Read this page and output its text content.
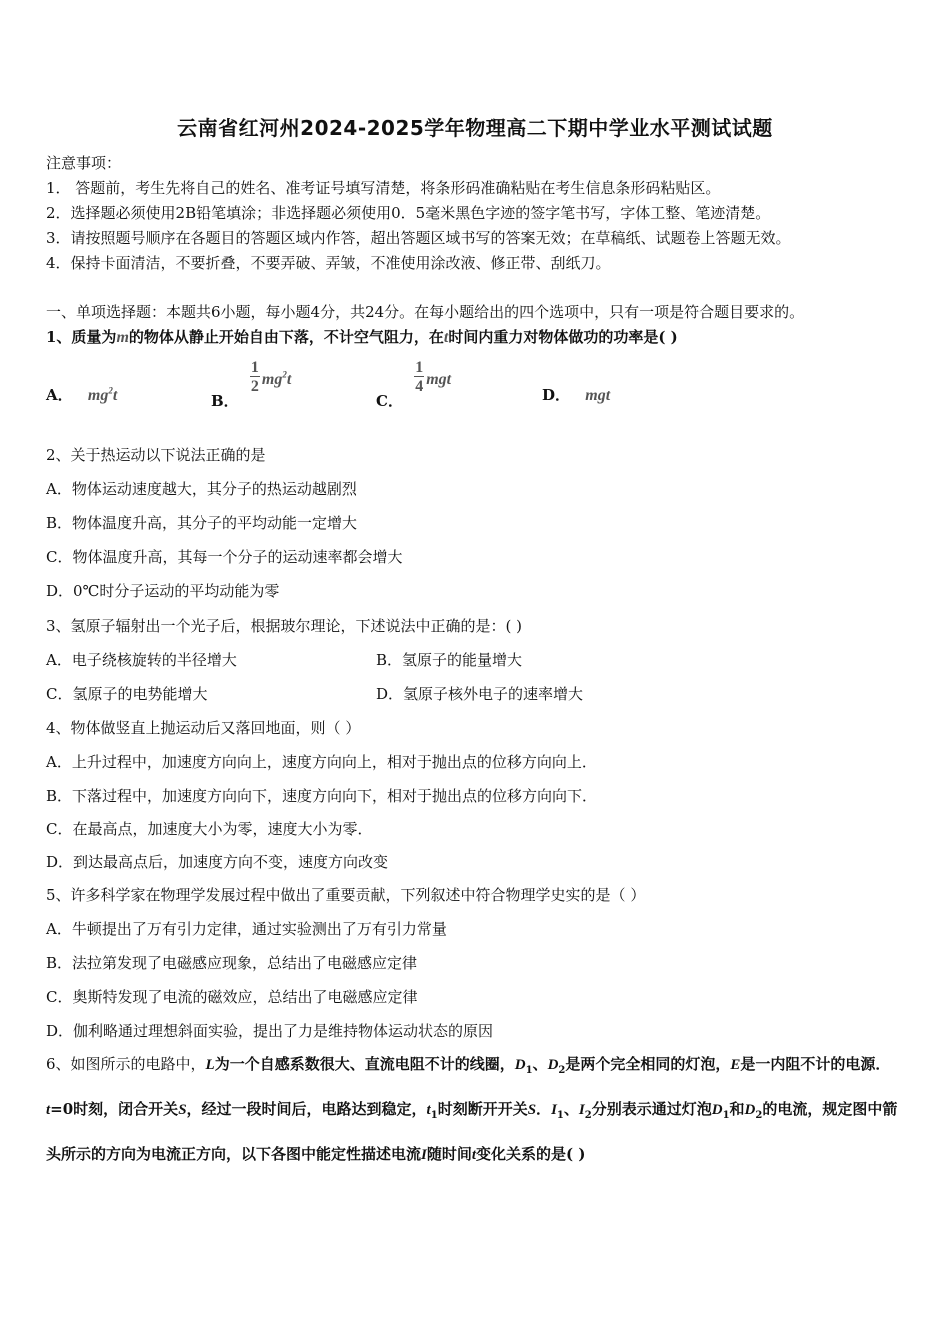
云南省红河州2024-2025学年物理高二下期中学业水平测试试题
注意事项：
1． 答题前，考生先将自己的姓名、准考证号填写清楚，将条形码准确粘贴在考生信息条形码粘贴区。
2．选择题必须使用2B铅笔填涂；非选择题必须使用0．5毫米黑色字迹的签字笔书写，字体工整、笔迹清楚。
3．请按照题号顺序在各题目的答题区域内作答，超出答题区域书写的答案无效；在草稿纸、试题卷上答题无效。
4．保持卡面清洁，不要折叠，不要弄破、弄皱，不准使用涂改液、修正带、刮纸刀。
一、单项选择题：本题共6小题，每小题4分，共24分。在每小题给出的四个选项中，只有一项是符合题目要求的。
1、质量为m的物体从静止开始自由下落，不计空气阻力，在t时间内重力对物体做功的功率是( )
A． $mg^2t$	B．
$\frac{1}{2} mg^2t$
C．
$\frac{1}{4}$ mgt
D． mgt
2、关于热运动以下说法正确的是
A．物体运动速度越大，其分子的热运动越剧烈
B．物体温度升高，其分子的平均动能一定增大
C．物体温度升高，其每一个分子的运动速率都会增大
D．0℃时分子运动的平均动能为零
3、氢原子辐射出一个光子后，根据玻尔理论，下述说法中正确的是：( )
A．电子绕核旋转的半径增大	B．氢原子的能量增大
C．氢原子的电势能增大	D．氢原子核外电子的速率增大
4、物体做竖直上抛运动后又落回地面，则（ ）
A．上升过程中，加速度方向向上，速度方向向上，相对于抛出点的位移方向向上．
B．下落过程中，加速度方向向下，速度方向向下，相对于抛出点的位移方向向下．
C．在最高点，加速度大小为零，速度大小为零．
D．到达最高点后，加速度方向不变，速度方向改变
5、许多科学家在物理学发展过程中做出了重要贡献，下列叙述中符合物理学史实的是（ ）
A．牛顿提出了万有引力定律，通过实验测出了万有引力常量
B．法拉第发现了电磁感应现象，总结出了电磁感应定律
C．奥斯特发现了电流的磁效应，总结出了电磁感应定律
D．伽利略通过理想斜面实验，提出了力是维持物体运动状态的原因
6、如图所示的电路中，L为一个自感系数很大、直流电阻不计的线圈，$D_1$、$D_2$是两个完全相同的灯泡，E是一内阻不计的电源．t=0时刻，闭合开关S，经过一段时间后，电路达到稳定，$t_1$时刻断开开关S．$I_1$、$I_2$分别表示通过灯泡$D_1$和$D_2$的电流，规定图中箭头所示的方向为电流正方向，以下各图中能定性描述电流I随时间t变化关系的是( )
